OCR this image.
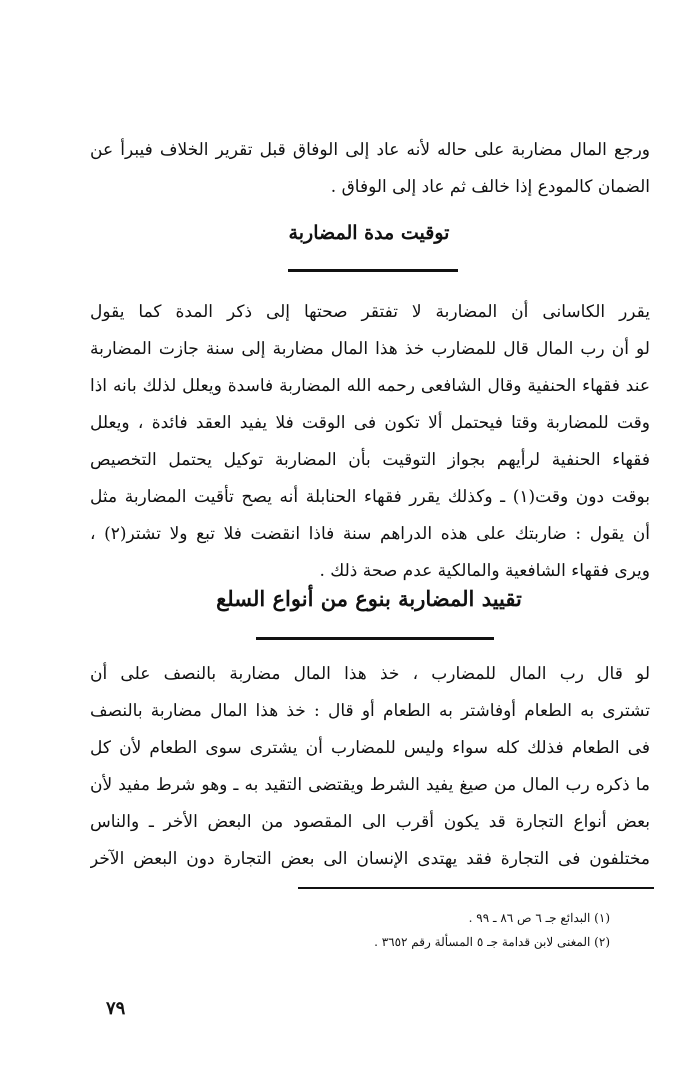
ورجع المال مضاربة على حاله لأنه عاد إلى الوفاق قبل تقرير الخلاف فيبرأ عن
الضمان كالمودع إذا خالف ثم عاد إلى الوفاق .
توقيت مدة المضاربة
يقرر الكاسانى أن المضاربة لا تفتقر صحتها إلى ذكر المدة كما يقول
لو أن رب المال قال للمضارب خذ هذا المال مضاربة إلى سنة جازت المضاربة
عند فقهاء الحنفية وقال الشافعى رحمه الله المضاربة فاسدة ويعلل لذلك بانه اذا
وقت للمضاربة وقتا فيحتمل ألا تكون فى الوقت فلا يفيد العقد فائدة ، ويعلل
فقهاء الحنفية لرأيهم بجواز التوقيت بأن المضاربة توكيل يحتمل التخصيص
بوقت دون وقت(١) ـ وكذلك يقرر فقهاء الحنابلة أنه يصح تأقيت المضاربة مثل
أن يقول : ضاربتك على هذه الدراهم سنة فاذا انقضت فلا تبع ولا تشتر(٢) ،
ويرى فقهاء الشافعية والمالكية عدم صحة ذلك .
تقييد المضاربة بنوع من أنواع السلع
لو قال رب المال للمضارب ، خذ هذا المال مضاربة بالنصف على أن
تشترى به الطعام أوفاشتر به الطعام أو قال : خذ هذا المال مضاربة بالنصف
فى الطعام فذلك كله سواء وليس للمضارب أن يشترى سوى الطعام لأن كل
ما ذكره رب المال من صيغ يفيد الشرط ويقتضى التقيد به ـ وهو شرط مفيد لأن
بعض أنواع التجارة قد يكون أقرب الى المقصود من البعض الأخر ـ والناس
مختلفون فى التجارة فقد يهتدى الإنسان الى بعض التجارة دون البعض الآخر
(١) البدائع جـ ٦ ص ٨٦ ـ ٩٩ .
(٢) المغنى لابن قدامة جـ ٥ المسألة رقم ٣٦٥٢ .
٧٩
